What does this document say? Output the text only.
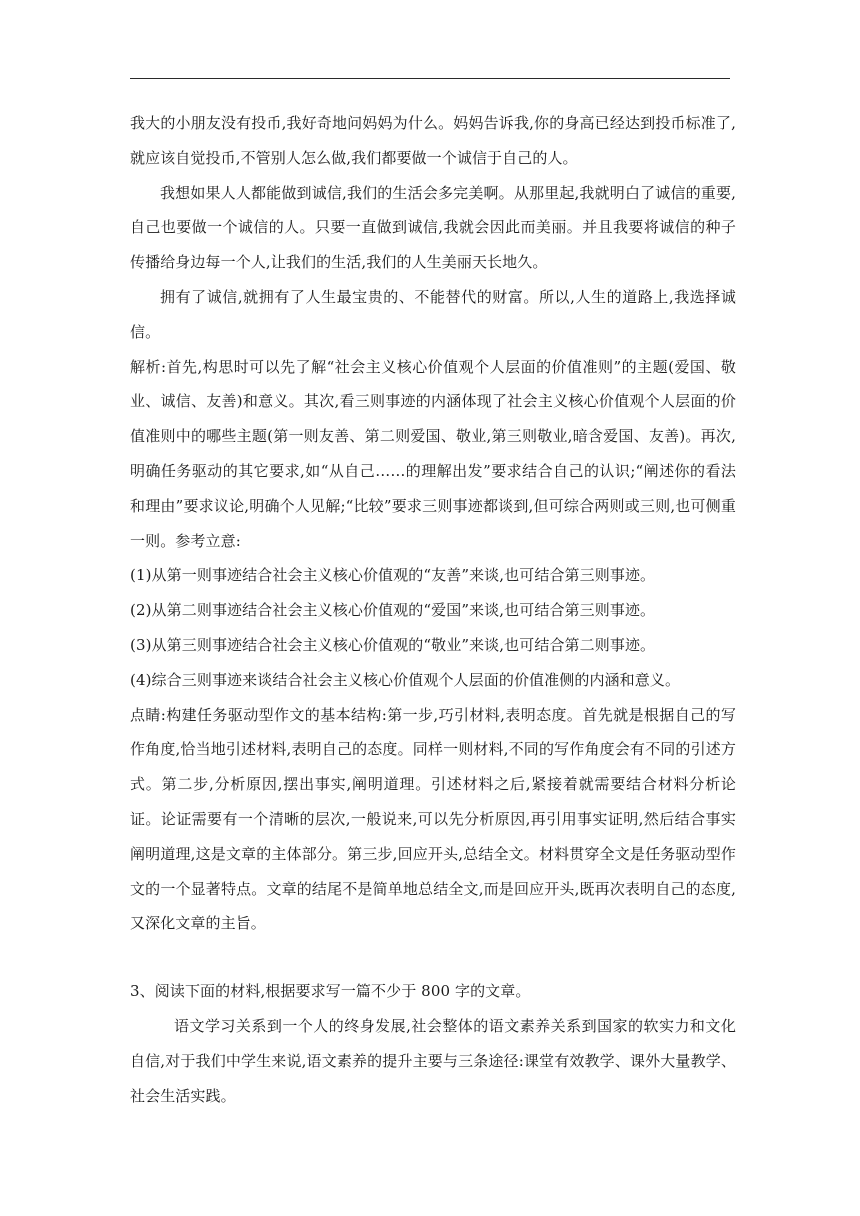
我大的小朋友没有投币,我好奇地问妈妈为什么。妈妈告诉我,你的身高已经达到投币标准了,就应该自觉投币,不管别人怎么做,我们都要做一个诚信于自己的人。

我想如果人人都能做到诚信,我们的生活会多完美啊。从那里起,我就明白了诚信的重要,自己也要做一个诚信的人。只要一直做到诚信,我就会因此而美丽。并且我要将诚信的种子传播给身边每一个人,让我们的生活,我们的人生美丽天长地久。

拥有了诚信,就拥有了人生最宝贵的、不能替代的财富。所以,人生的道路上,我选择诚信。

解析:首先,构思时可以先了解“社会主义核心价值观个人层面的价值准则”的主题(爱国、敬业、诚信、友善)和意义。其次,看三则事迹的内涵体现了社会主义核心价值观个人层面的价值准则中的哪些主题(第一则友善、第二则爱国、敬业,第三则敬业,暗含爱国、友善)。再次,明确任务驱动的其它要求,如“从自己……的理解出发”要求结合自己的认识;“阐述你的看法和理由”要求议论,明确个人见解;“比较”要求三则事迹都谈到,但可综合两则或三则,也可侧重一则。参考立意:

(1)从第一则事迹结合社会主义核心价值观的“友善”来谈,也可结合第三则事迹。

(2)从第二则事迹结合社会主义核心价值观的“爱国”来谈,也可结合第三则事迹。

(3)从第三则事迹结合社会主义核心价值观的“敬业”来谈,也可结合第二则事迹。

(4)综合三则事迹来谈结合社会主义核心价值观个人层面的价值准侧的内涵和意义。

点睛:构建任务驱动型作文的基本结构:第一步,巧引材料,表明态度。首先就是根据自己的写作角度,恰当地引述材料,表明自己的态度。同样一则材料,不同的写作角度会有不同的引述方式。第二步,分析原因,摆出事实,阐明道理。引述材料之后,紧接着就需要结合材料分析论证。论证需要有一个清晰的层次,一般说来,可以先分析原因,再引用事实证明,然后结合事实阐明道理,这是文章的主体部分。第三步,回应开头,总结全文。材料贯穿全文是任务驱动型作文的一个显著特点。文章的结尾不是简单地总结全文,而是回应开头,既再次表明自己的态度,又深化文章的主旨。

3、阅读下面的材料,根据要求写一篇不少于 800 字的文章。

语文学习关系到一个人的终身发展,社会整体的语文素养关系到国家的软实力和文化自信,对于我们中学生来说,语文素养的提升主要与三条途径:课堂有效教学、课外大量教学、社会生活实践。
